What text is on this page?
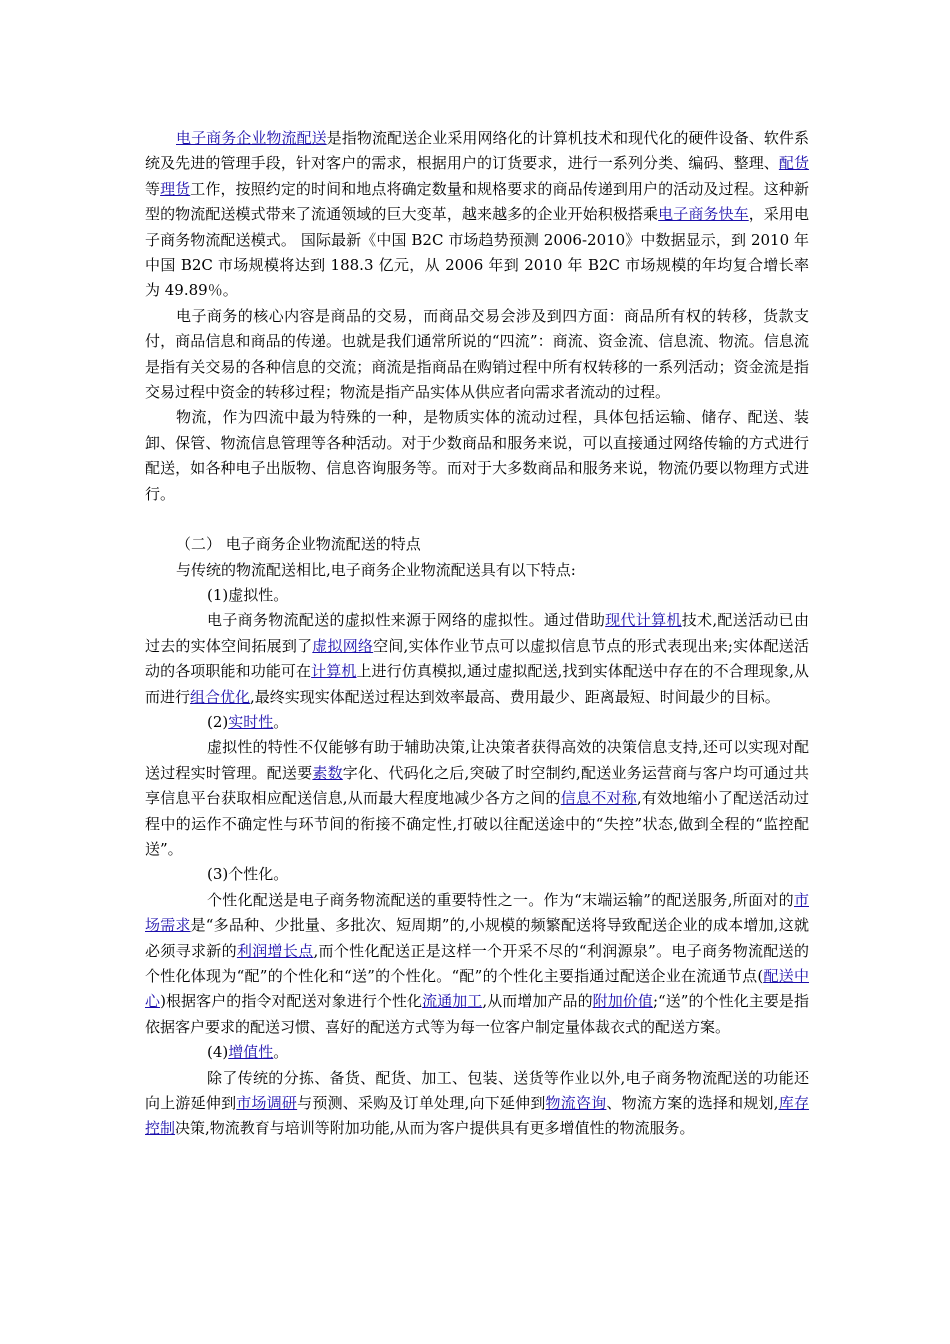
电子商务企业物流配送是指物流配送企业采用网络化的计算机技术和现代化的硬件设备、软件系统及先进的管理手段，针对客户的需求，根据用户的订货要求，进行一系列分类、编码、整理、配货等理货工作，按照约定的时间和地点将确定数量和规格要求的商品传递到用户的活动及过程。这种新型的物流配送模式带来了流通领域的巨大变革，越来越多的企业开始积极搭乘电子商务快车，采用电子商务物流配送模式。 国际最新《中国 B2C 市场趋势预测 2006-2010》中数据显示，到 2010 年中国 B2C 市场规模将达到 188.3 亿元，从 2006 年到 2010 年 B2C 市场规模的年均复合增长率为 49.89％。

电子商务的核心内容是商品的交易，而商品交易会涉及到四方面：商品所有权的转移，货款支付，商品信息和商品的传递。也就是我们通常所说的“四流”：商流、资金流、信息流、物流。信息流是指有关交易的各种信息的交流；商流是指商品在购销过程中所有权转移的一系列活动；资金流是指交易过程中资金的转移过程；物流是指产品实体从供应者向需求者流动的过程。

物流，作为四流中最为特殊的一种，是物质实体的流动过程，具体包括运输、储存、配送、装卸、保管、物流信息管理等各种活动。对于少数商品和服务来说，可以直接通过网络传输的方式进行配送，如各种电子出版物、信息咨询服务等。而对于大多数商品和服务来说，物流仍要以物理方式进行。

（二） 电子商务企业物流配送的特点

与传统的物流配送相比,电子商务企业物流配送具有以下特点:

(1)虚拟性。

电子商务物流配送的虚拟性来源于网络的虚拟性。通过借助现代计算机技术,配送活动已由过去的实体空间拓展到了虚拟网络空间,实体作业节点可以虚拟信息节点的形式表现出来;实体配送活动的各项职能和功能可在计算机上进行仿真模拟,通过虚拟配送,找到实体配送中存在的不合理现象,从而进行组合优化,最终实现实体配送过程达到效率最高、费用最少、距离最短、时间最少的目标。

(2)实时性。

虚拟性的特性不仅能够有助于辅助决策,让决策者获得高效的决策信息支持,还可以实现对配送过程实时管理。配送要素数字化、代码化之后,突破了时空制约,配送业务运营商与客户均可通过共享信息平台获取相应配送信息,从而最大程度地减少各方之间的信息不对称,有效地缩小了配送活动过程中的运作不确定性与环节间的衔接不确定性,打破以往配送途中的“失控”状态,做到全程的“监控配送”。

(3)个性化。

个性化配送是电子商务物流配送的重要特性之一。作为“末端运输”的配送服务,所面对的市场需求是“多品种、少批量、多批次、短周期”的,小规模的频繁配送将导致配送企业的成本增加,这就必须寻求新的利润增长点,而个性化配送正是这样一个开采不尽的“利润源泉”。电子商务物流配送的个性化体现为“配”的个性化和“送”的个性化。“配”的个性化主要指通过配送企业在流通节点(配送中心)根据客户的指令对配送对象进行个性化流通加工,从而增加产品的附加价值;“送”的个性化主要是指依据客户要求的配送习惯、喜好的配送方式等为每一位客户制定量体裁衣式的配送方案。

(4)增值性。

除了传统的分拣、备货、配货、加工、包装、送货等作业以外,电子商务物流配送的功能还向上游延伸到市场调研与预测、采购及订单处理,向下延伸到物流咨询、物流方案的选择和规划,库存控制决策,物流教育与培训等附加功能,从而为客户提供具有更多增值性的物流服务。
